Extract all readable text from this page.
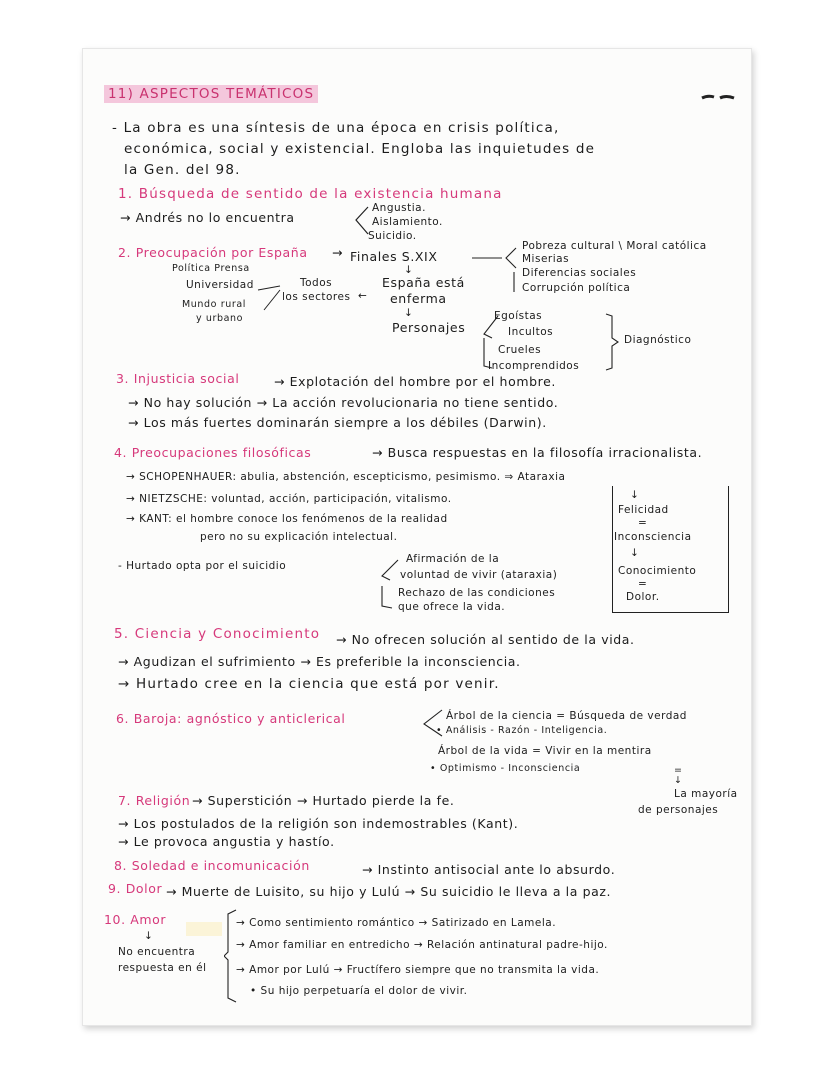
11) ASPECTOS TEMÁTICOS
- La obra es una síntesis de una época en crisis política,
económica, social y existencial. Engloba las inquietudes de
la Gen. del 98.
1. Búsqueda de sentido de la existencia humana
→ Andrés no lo encuentra
Angustia.
Aislamiento.
Suicidio.
2. Preocupación por España → Finales S.XIX
Pobreza cultural \ Moral católica
Miserias
Diferencias sociales
Corrupción política
↓
Política Prensa
Universidad
Mundo rural
y urbano
Todos
los sectores ←
España está
enferma
↓
Personajes
Egoístas
Incultos
Crueles
Incomprendidos
Diagnóstico
3. Injusticia social	→ Explotación del hombre por el hombre.
→ No hay solución → La acción revolucionaria no tiene sentido.
→ Los más fuertes dominarán siempre a los débiles (Darwin).
4. Preocupaciones filosóficas	→ Busca respuestas en la filosofía irracionalista.
→ SCHOPENHAUER: abulia, abstención, escepticismo, pesimismo. ⇒ Ataraxia
→ NIETZSCHE: voluntad, acción, participación, vitalismo.
→ KANT: el hombre conoce los fenómenos de la realidad
pero no su explicación intelectual.
- Hurtado opta por el suicidio
Afirmación de la
voluntad de vivir (ataraxia)
Rechazo de las condiciones
que ofrece la vida.
↓
Felicidad
=
Inconsciencia
↓
Conocimiento
=
Dolor.
5. Ciencia y Conocimiento → No ofrecen solución al sentido de la vida.
→ Agudizan el sufrimiento → Es preferible la inconsciencia.
→ Hurtado cree en la ciencia que está por venir.
6. Baroja: agnóstico y anticlerical	Árbol de la ciencia = Búsqueda de verdad
• Análisis - Razón - Inteligencia.
Árbol de la vida = Vivir en la mentira
• Optimismo - Inconsciencia	=
↓
La mayoría
de personajes
7. Religión → Superstición → Hurtado pierde la fe.
→ Los postulados de la religión son indemostrables (Kant).
→ Le provoca angustia y hastío.
8. Soledad e incomunicación	→ Instinto antisocial ante lo absurdo.
9. Dolor → Muerte de Luisito, su hijo y Lulú → Su suicidio le lleva a la paz.
10. Amor
↓
No encuentra
respuesta en él
→ Como sentimiento romántico → Satirizado en Lamela.
→ Amor familiar en entredicho → Relación antinatural padre-hijo.
→ Amor por Lulú → Fructífero siempre que no transmita la vida.
• Su hijo perpetuaría el dolor de vivir.
